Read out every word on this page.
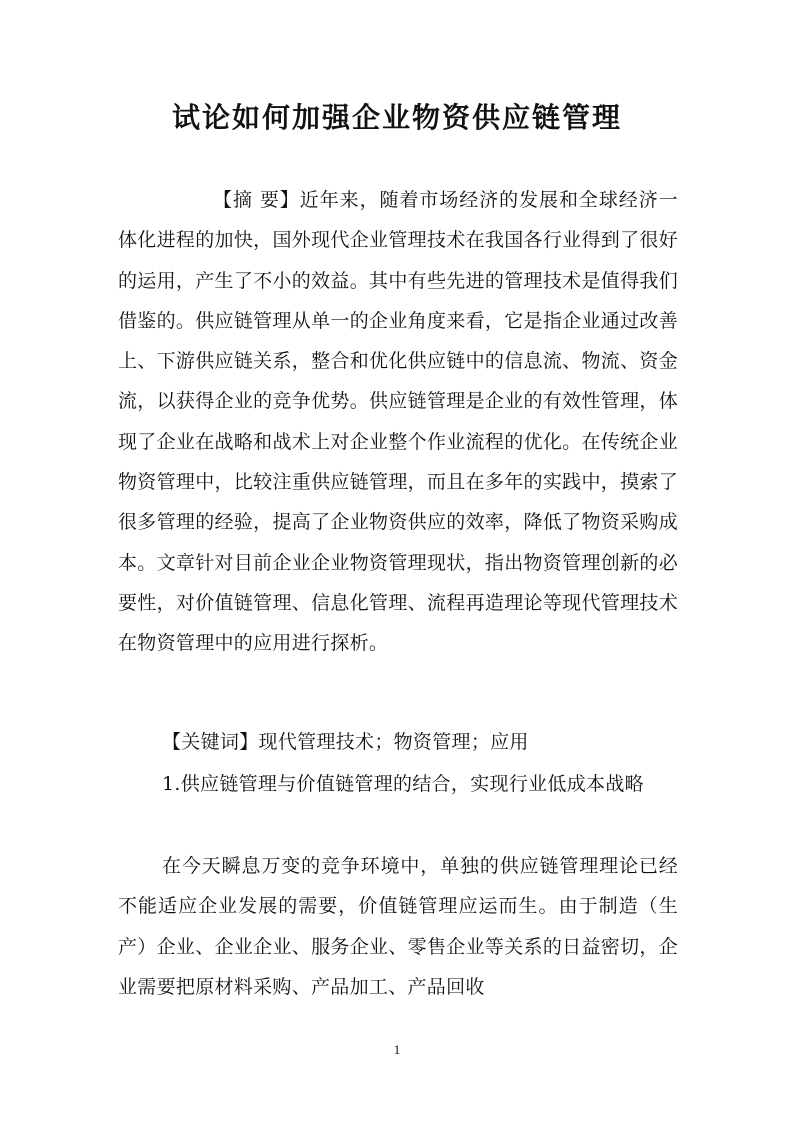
试论如何加强企业物资供应链管理
【摘 要】近年来，随着市场经济的发展和全球经济一体化进程的加快，国外现代企业管理技术在我国各行业得到了很好的运用，产生了不小的效益。其中有些先进的管理技术是值得我们借鉴的。供应链管理从单一的企业角度来看，它是指企业通过改善上、下游供应链关系，整合和优化供应链中的信息流、物流、资金流，以获得企业的竞争优势。供应链管理是企业的有效性管理，体现了企业在战略和战术上对企业整个作业流程的优化。在传统企业物资管理中，比较注重供应链管理，而且在多年的实践中，摸索了很多管理的经验，提高了企业物资供应的效率，降低了物资采购成本。文章针对目前企业企业物资管理现状，指出物资管理创新的必要性，对价值链管理、信息化管理、流程再造理论等现代管理技术在物资管理中的应用进行探析。
【关键词】现代管理技术；物资管理；应用
1.供应链管理与价值链管理的结合，实现行业低成本战略
在今天瞬息万变的竞争环境中，单独的供应链管理理论已经不能适应企业发展的需要，价值链管理应运而生。由于制造（生产）企业、企业企业、服务企业、零售企业等关系的日益密切，企业需要把原材料采购、产品加工、产品回收
1
